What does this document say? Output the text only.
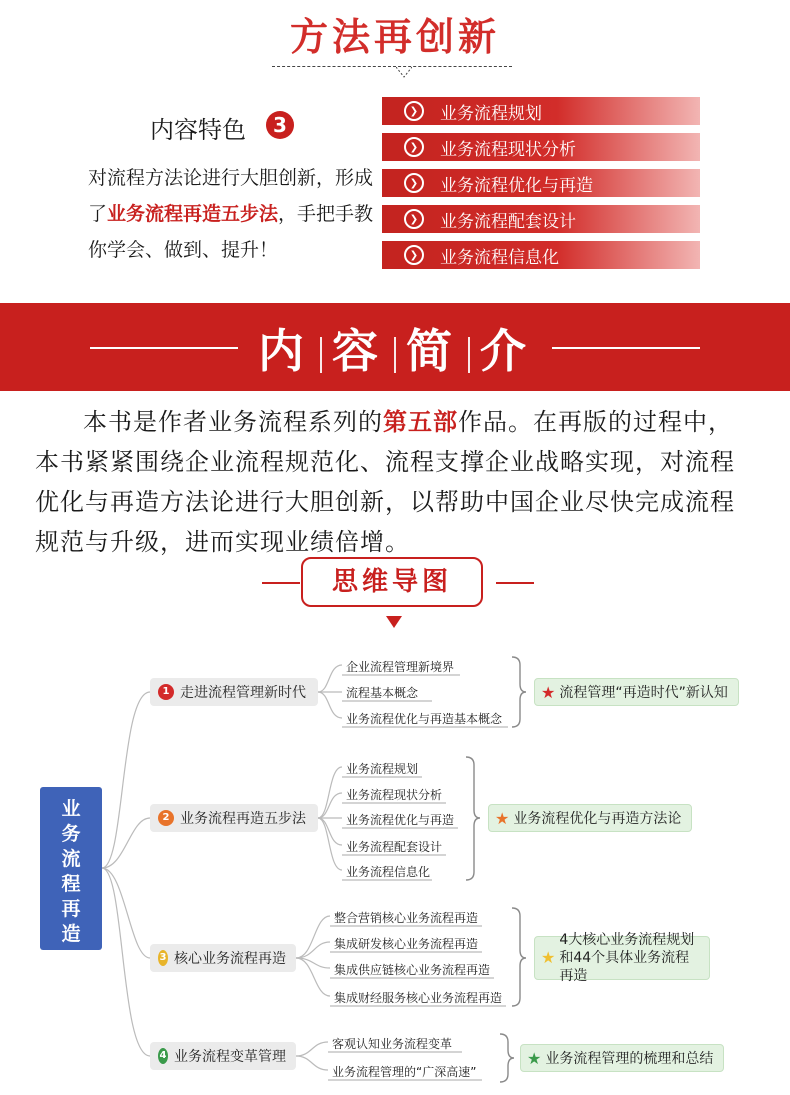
方法再创新
内容特色	3
对流程方法论进行大胆创新，形成了业务流程再造五步法，手把手教你学会、做到、提升！
❯	业务流程规划
❯	业务流程现状分析
❯	业务流程优化与再造
❯	业务流程配套设计
❯	业务流程信息化
内 容 简 介
本书是作者业务流程系列的第五部作品。在再版的过程中，本书紧紧围绕企业流程规范化、流程支撑企业战略实现，对流程优化与再造方法论进行大胆创新，以帮助中国企业尽快完成流程规范与升级，进而实现业绩倍增。
思维导图
业务流程再造
1 走进流程管理新时代
企业流程管理新境界
流程基本概念
业务流程优化与再造基本概念
★ 流程管理“再造时代”新认知
2 业务流程再造五步法
业务流程规划
业务流程现状分析
业务流程优化与再造
业务流程配套设计
业务流程信息化
★ 业务流程优化与再造方法论
3 核心业务流程再造
整合营销核心业务流程再造
集成研发核心业务流程再造
集成供应链核心业务流程再造
集成财经服务核心业务流程再造
★
4大核心业务流程规划和44个具体业务流程再造
4 业务流程变革管理
客观认知业务流程变革
业务流程管理的“广深高速”
★ 业务流程管理的梳理和总结
